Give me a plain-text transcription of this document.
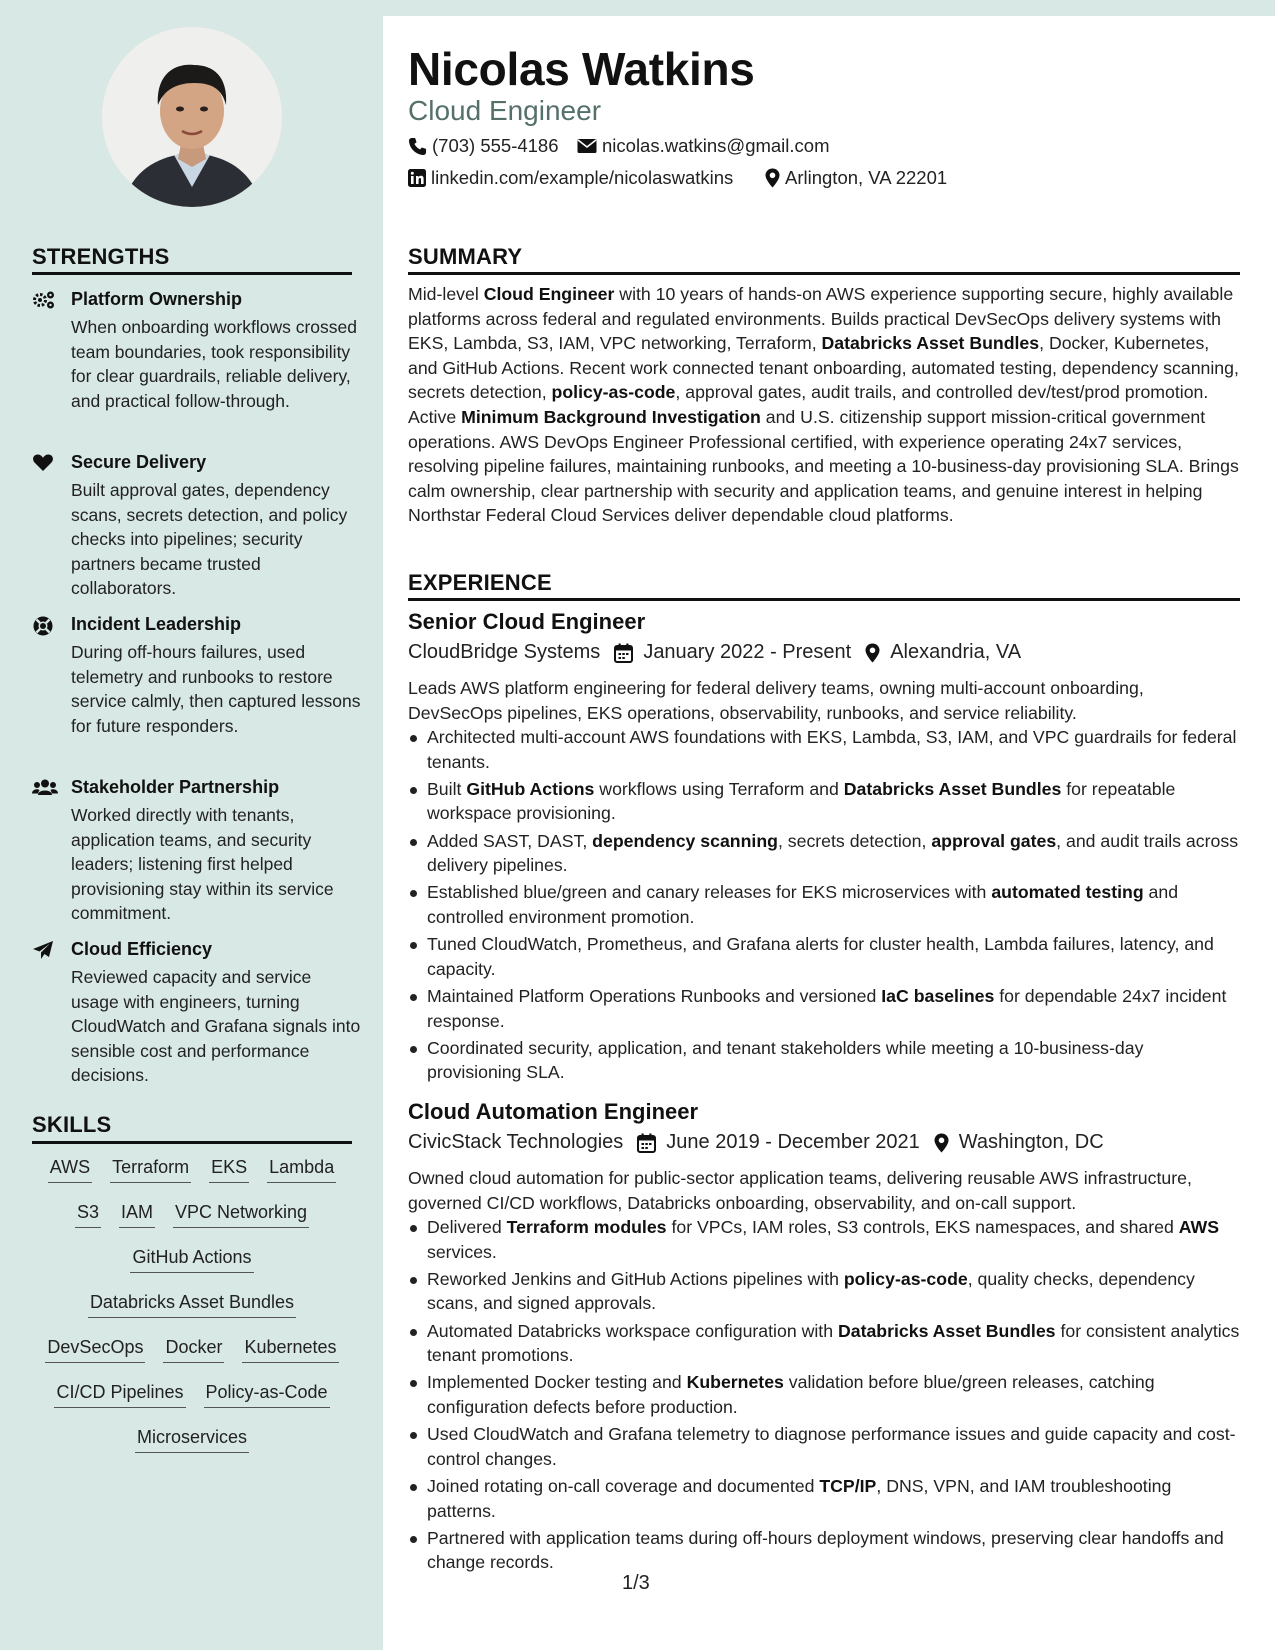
STRENGTHS
Platform Ownership
When onboarding workflows crossed team boundaries, took responsibility for clear guardrails, reliable delivery, and practical follow-through.
Secure Delivery
Built approval gates, dependency scans, secrets detection, and policy checks into pipelines; security partners became trusted collaborators.
Incident Leadership
During off-hours failures, used telemetry and runbooks to restore service calmly, then captured lessons for future responders.
Stakeholder Partnership
Worked directly with tenants, application teams, and security leaders; listening first helped provisioning stay within its service commitment.
Cloud Efficiency
Reviewed capacity and service usage with engineers, turning CloudWatch and Grafana signals into sensible cost and performance decisions.
SKILLS
AWS Terraform EKS Lambda
S3 IAM VPC Networking
GitHub Actions
Databricks Asset Bundles
DevSecOps Docker Kubernetes
CI/CD Pipelines Policy-as-Code
Microservices
Nicolas Watkins
Cloud Engineer
(703) 555-4186 nicolas.watkins@gmail.com
linkedin.com/example/nicolaswatkins	Arlington, VA 22201
SUMMARY
Mid-level Cloud Engineer with 10 years of hands-on AWS experience supporting secure, highly available platforms across federal and regulated environments. Builds practical DevSecOps delivery systems with EKS, Lambda, S3, IAM, VPC networking, Terraform, Databricks Asset Bundles, Docker, Kubernetes, and GitHub Actions. Recent work connected tenant onboarding, automated testing, dependency scanning, secrets detection, policy-as-code, approval gates, audit trails, and controlled dev/test/prod promotion. Active Minimum Background Investigation and U.S. citizenship support mission-critical government operations. AWS DevOps Engineer Professional certified, with experience operating 24x7 services, resolving pipeline failures, maintaining runbooks, and meeting a 10-business-day provisioning SLA. Brings calm ownership, clear partnership with security and application teams, and genuine interest in helping Northstar Federal Cloud Services deliver dependable cloud platforms.
EXPERIENCE
Senior Cloud Engineer
CloudBridge Systems January 2022 - Present Alexandria, VA
Leads AWS platform engineering for federal delivery teams, owning multi-account onboarding, DevSecOps pipelines, EKS operations, observability, runbooks, and service reliability.
Architected multi-account AWS foundations with EKS, Lambda, S3, IAM, and VPC guardrails for federal tenants.
Built GitHub Actions workflows using Terraform and Databricks Asset Bundles for repeatable workspace provisioning.
Added SAST, DAST, dependency scanning, secrets detection, approval gates, and audit trails across delivery pipelines.
Established blue/green and canary releases for EKS microservices with automated testing and controlled environment promotion.
Tuned CloudWatch, Prometheus, and Grafana alerts for cluster health, Lambda failures, latency, and capacity.
Maintained Platform Operations Runbooks and versioned IaC baselines for dependable 24x7 incident response.
Coordinated security, application, and tenant stakeholders while meeting a 10-business-day provisioning SLA.
Cloud Automation Engineer
CivicStack Technologies June 2019 - December 2021 Washington, DC
Owned cloud automation for public-sector application teams, delivering reusable AWS infrastructure, governed CI/CD workflows, Databricks onboarding, observability, and on-call support.
Delivered Terraform modules for VPCs, IAM roles, S3 controls, EKS namespaces, and shared AWS services.
Reworked Jenkins and GitHub Actions pipelines with policy-as-code, quality checks, dependency scans, and signed approvals.
Automated Databricks workspace configuration with Databricks Asset Bundles for consistent analytics tenant promotions.
Implemented Docker testing and Kubernetes validation before blue/green releases, catching configuration defects before production.
Used CloudWatch and Grafana telemetry to diagnose performance issues and guide capacity and cost-control changes.
Joined rotating on-call coverage and documented TCP/IP, DNS, VPN, and IAM troubleshooting patterns.
Partnered with application teams during off-hours deployment windows, preserving clear handoffs and change records.
1/3
